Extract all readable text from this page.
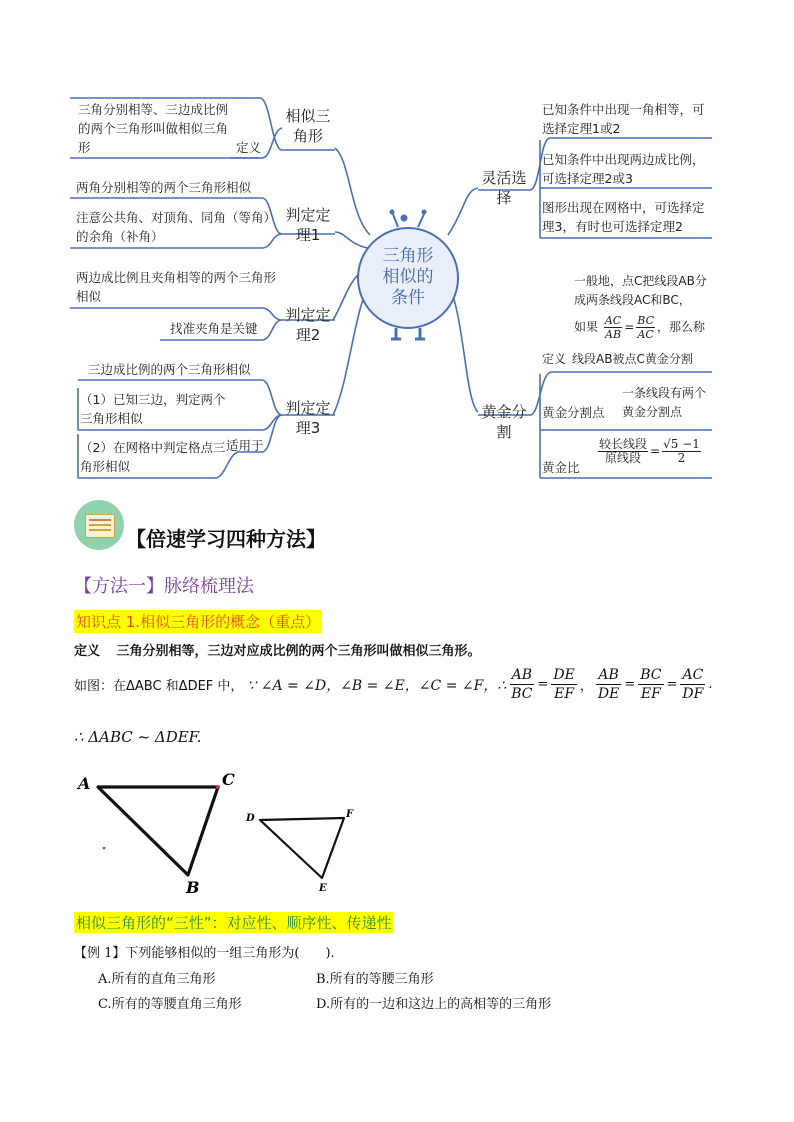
三角形相似的条件
相似三角形
判定定理1
判定定理2
判定定理3
三角分别相等、三边成比例的两个三角形叫做相似三角形	定义
两角分别相等的两个三角形相似
注意公共角、对顶角、同角（等角）的余角（补角）
两边成比例且夹角相等的两个三角形相似
找准夹角是关键
三边成比例的两个三角形相似
（1）已知三边，判定两个三角形相似
（2）在网格中判定格点三角形相似
适用于
灵活选择
黄金分割
已知条件中出现一角相等，可选择定理1或2
已知条件中出现两边成比例，可选择定理2或3
图形出现在网格中，可选择定理3，有时也可选择定理2
一般地，点C把线段AB分成两条线段AC和BC，
如果 $\frac{AC}{AB} = \frac{BC}{AC}$ ，那么称
定义 线段AB被点C黄金分割
黄金分割点
一条线段有两个黄金分割点
黄金比
较长线段
原线段 = $\frac{√5 -1}{2}$
【倍速学习四种方法】
【方法一】脉络梳理法
知识点 1.相似三角形的概念（重点）
定义 三角分别相等，三边对应成比例的两个三角形叫做相似三角形。
如图：在ΔABC 和ΔDEF 中， ∵ ∠A = ∠D，∠B = ∠E，∠C = ∠F，∴ $\frac{AB}{BC} = \frac{DE}{EF}$ ， $\frac{AB}{DE} = \frac{BC}{EF} = \frac{AC}{DF}$ .
∴ ΔABC ~ ΔDEF.
A	C
B
D	F
E
相似三角形的“三性”：对应性、顺序性、传递性
【例 1】下列能够相似的一组三角形为(　　).
A.所有的直角三角形	B.所有的等腰三角形
C.所有的等腰直角三角形	D.所有的一边和这边上的高相等的三角形
